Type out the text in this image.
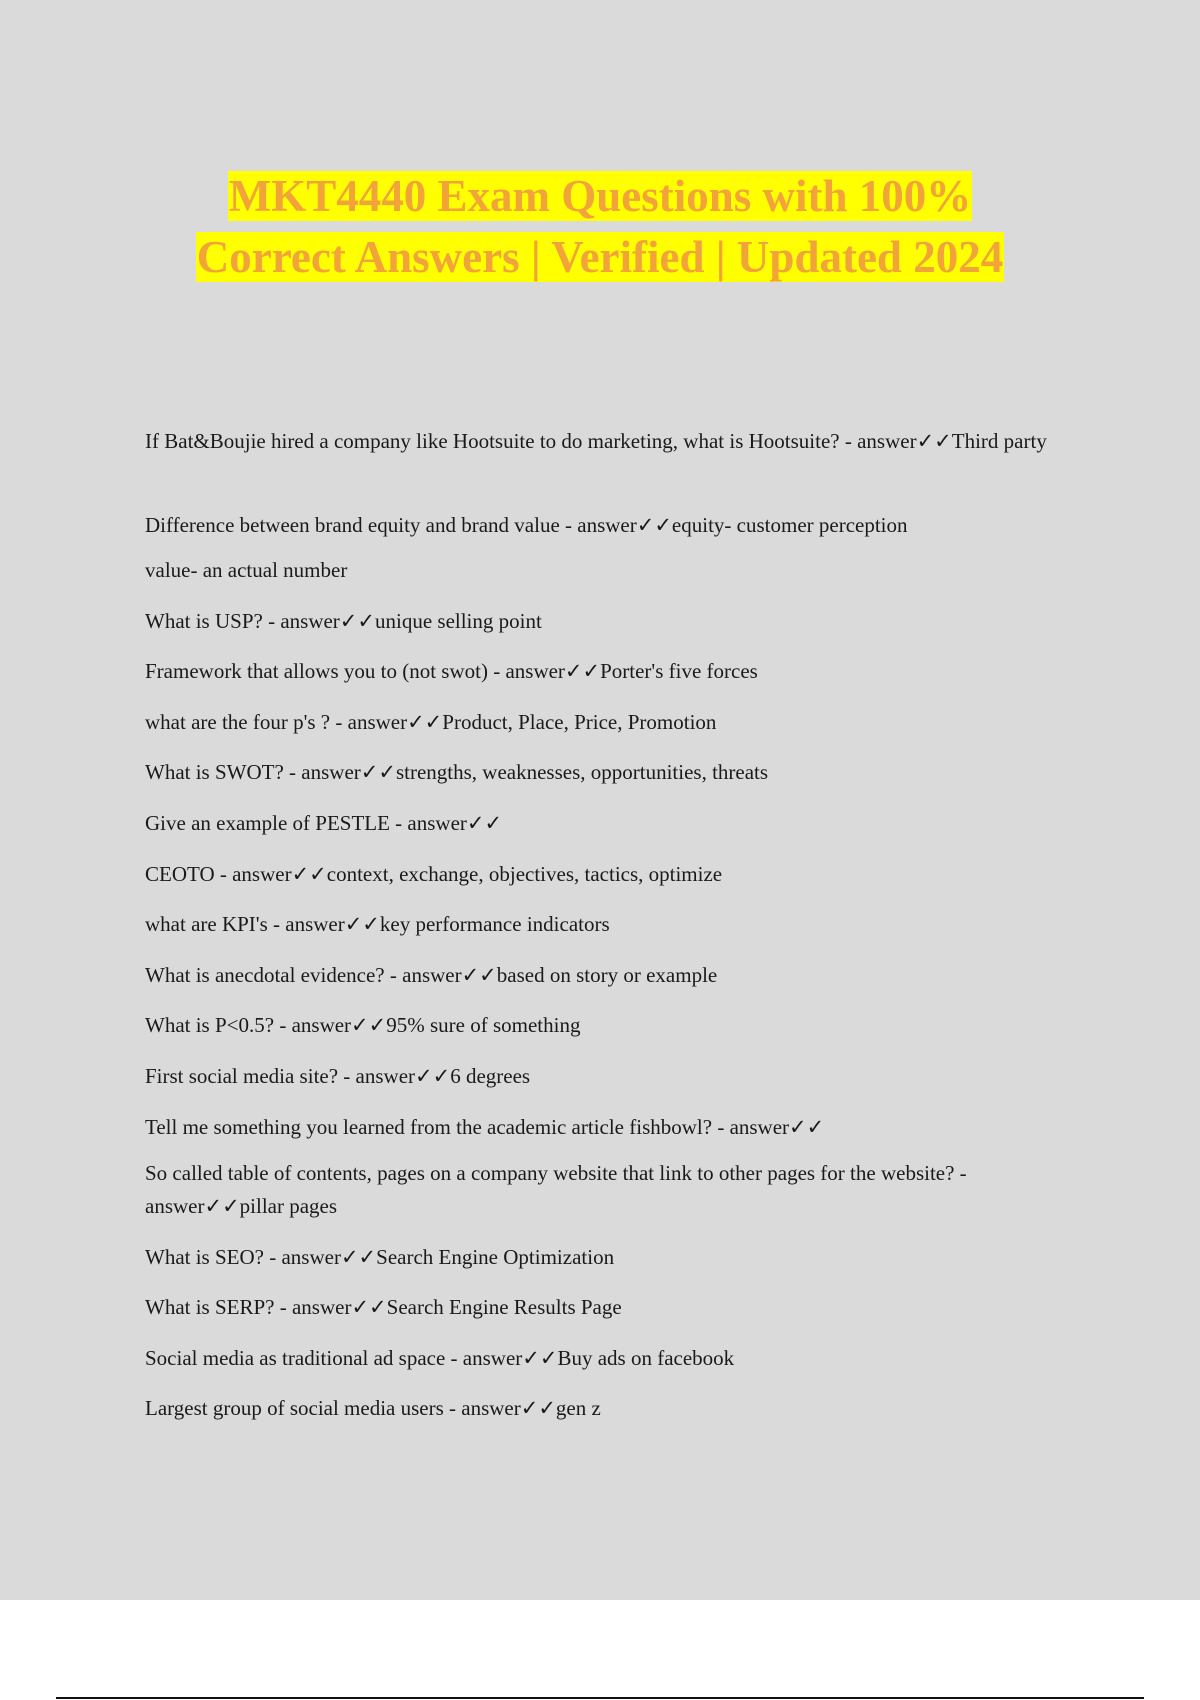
MKT4440 Exam Questions with 100%
Correct Answers | Verified | Updated 2024
If Bat&Boujie hired a company like Hootsuite to do marketing, what is Hootsuite? - answer✓✓Third party
Difference between brand equity and brand value - answer✓✓equity- customer perception
value- an actual number
What is USP? - answer✓✓unique selling point
Framework that allows you to (not swot) - answer✓✓Porter's five forces
what are the four p's ? - answer✓✓Product, Place, Price, Promotion
What is SWOT? - answer✓✓strengths, weaknesses, opportunities, threats
Give an example of PESTLE - answer✓✓
CEOTO - answer✓✓context, exchange, objectives, tactics, optimize
what are KPI's - answer✓✓key performance indicators
What is anecdotal evidence? - answer✓✓based on story or example
What is P<0.5? - answer✓✓95% sure of something
First social media site? - answer✓✓6 degrees
Tell me something you learned from the academic article fishbowl? - answer✓✓
So called table of contents, pages on a company website that link to other pages for the website? - answer✓✓pillar pages
What is SEO? - answer✓✓Search Engine Optimization
What is SERP? - answer✓✓Search Engine Results Page
Social media as traditional ad space - answer✓✓Buy ads on facebook
Largest group of social media users - answer✓✓gen z
